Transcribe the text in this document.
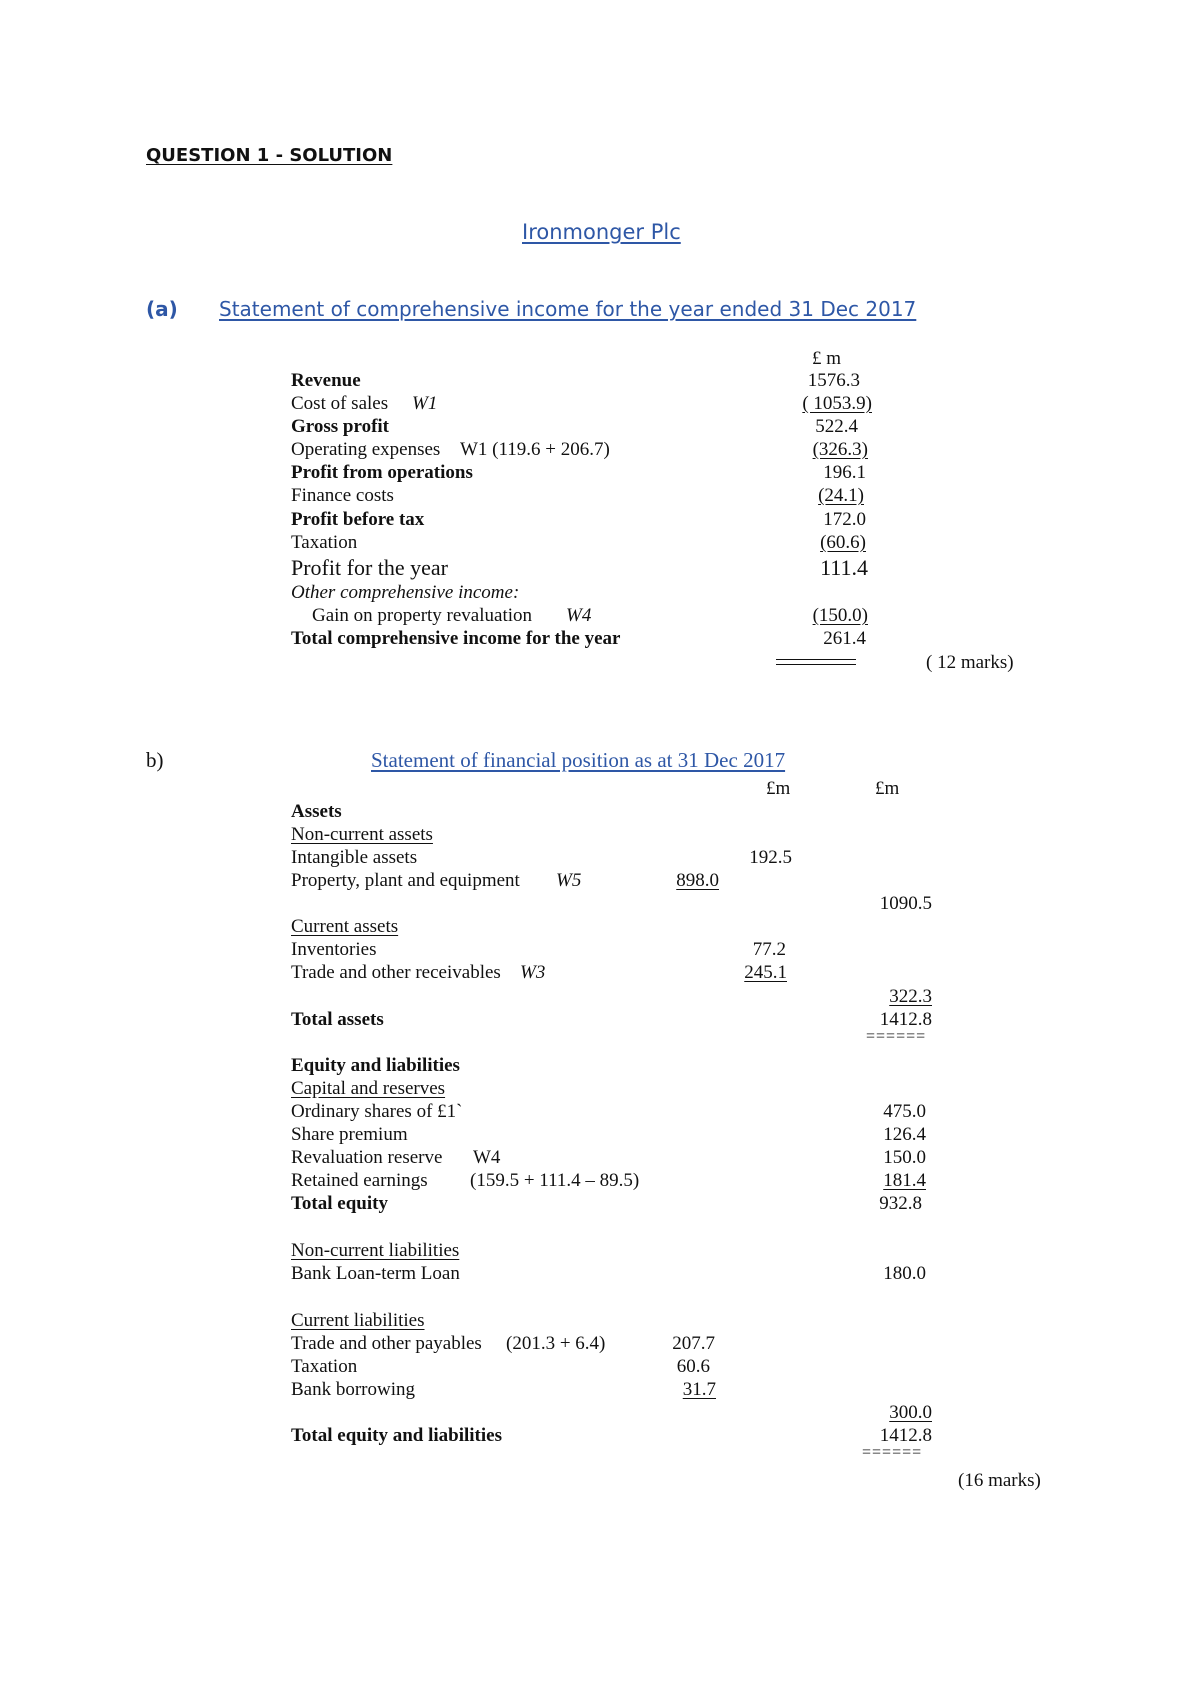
QUESTION 1 - SOLUTION
Ironmonger Plc
(a) Statement of comprehensive income for the year ended 31 Dec 2017
£ m
Revenue	1576.3
Cost of sales W1	( 1053.9)
Gross profit	522.4
Operating expenses W1 (119.6 + 206.7)	(326.3)
Profit from operations	196.1
Finance costs	(24.1)
Profit before tax	172.0
Taxation	(60.6)
Profit for the year	111.4
Other comprehensive income:
Gain on property revaluation W4	(150.0)
Total comprehensive income for the year	261.4
( 12 marks)
b)	Statement of financial position as at 31 Dec 2017
£m	£m
Assets
Non-current assets
Intangible assets	192.5
Property, plant and equipment W5	898.0
1090.5
Current assets
Inventories	77.2
Trade and other receivables W3	245.1
322.3
Total assets	1412.8
======
Equity and liabilities
Capital and reserves
Ordinary shares of £1`	475.0
Share premium	126.4
Revaluation reserve W4	150.0
Retained earnings (159.5 + 111.4 – 89.5)	181.4
Total equity	932.8
Non-current liabilities
Bank Loan-term Loan	180.0
Current liabilities
Trade and other payables (201.3 + 6.4)	207.7
Taxation	60.6
Bank borrowing	31.7
300.0
Total equity and liabilities	1412.8
======
(16 marks)
